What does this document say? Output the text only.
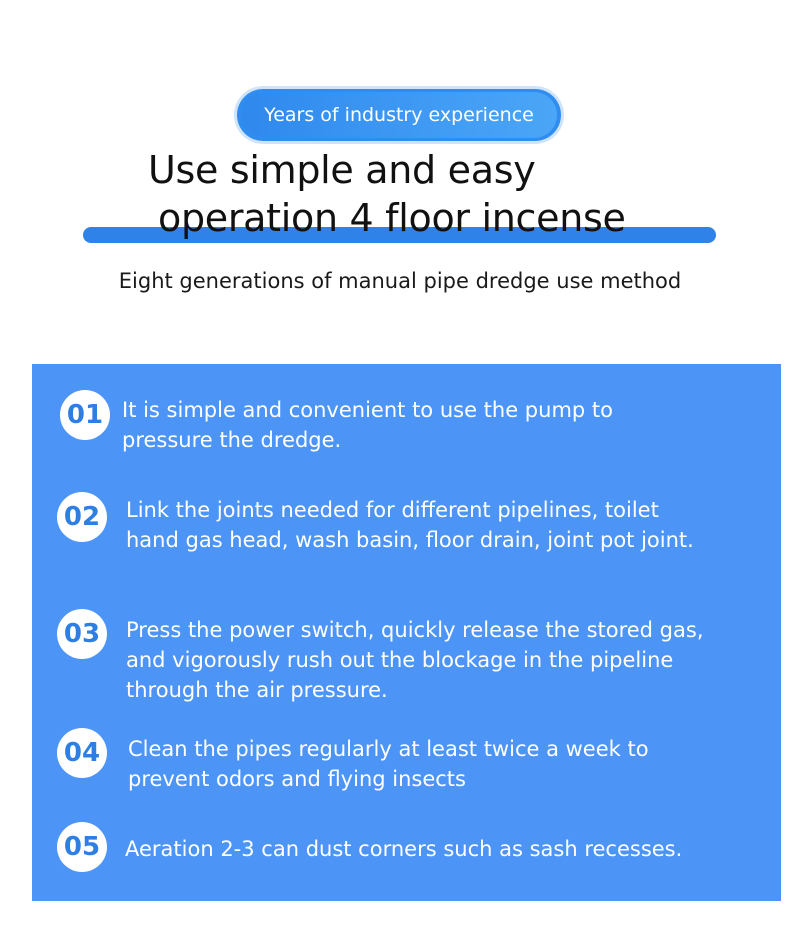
Years of industry experience
Use simple and easy
operation 4 floor incense
Eight generations of manual pipe dredge use method
01 It is simple and convenient to use the pump to
pressure the dredge.
02	Link the joints needed for different pipelines, toilet
hand gas head, wash basin, floor drain, joint pot joint.
03	Press the power switch, quickly release the stored gas,
and vigorously rush out the blockage in the pipeline
through the air pressure.
04	Clean the pipes regularly at least twice a week to
prevent odors and flying insects
05	Aeration 2-3 can dust corners such as sash recesses.
